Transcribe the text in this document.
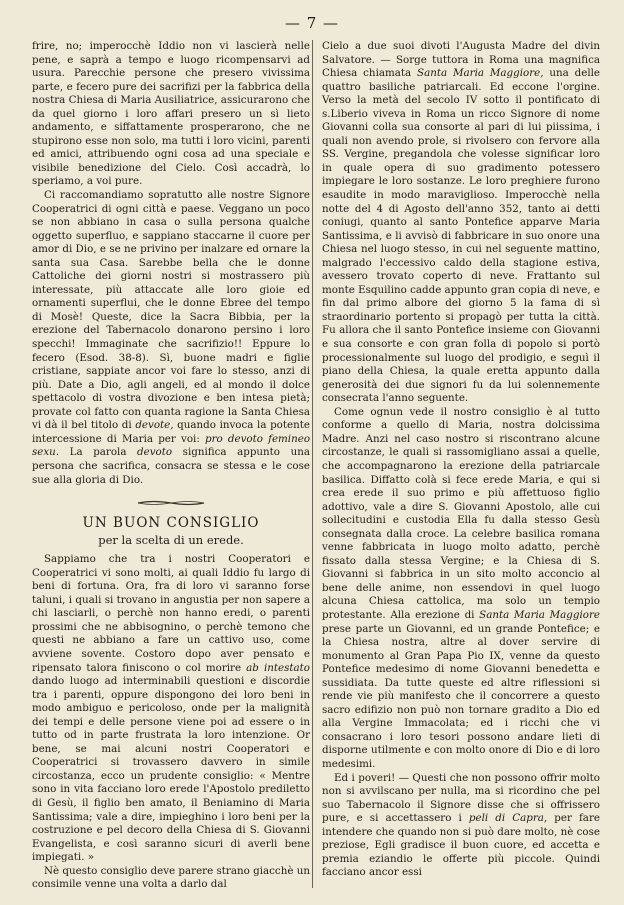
— 7 —

frire, no; imperocchè Iddio non vi lascierà nelle pene, e saprà a tempo e luogo ricompensarvi ad usura. Parecchie persone che presero vivissima parte, e fecero pure dei sacrifizi per la fabbrica della nostra Chiesa di Maria Ausiliatrice, assicurarono che da quel giorno i loro affari presero un sì lieto andamento, e siffattamente prosperarono, che ne stupirono esse non solo, ma tutti i loro vicini, parenti ed amici, attribuendo ogni cosa ad una speciale e visibile benedizione del Cielo. Così accadrà, lo speriamo, a voi pure.

Ci raccomandiamo sopratutto alle nostre Signore Cooperatrici di ogni città e paese. Veggano un poco se non abbiano in casa o sulla persona qualche oggetto superfluo, e sappiano staccarne il cuore per amor di Dio, e se ne privino per inalzare ed ornare la santa sua Casa. Sarebbe bella che le donne Cattoliche dei giorni nostri si mostrassero più interessate, più attaccate alle loro gioie ed ornamenti superflui, che le donne Ebree del tempo di Mosè! Queste, dice la Sacra Bibbia, per la erezione del Tabernacolo donarono persino i loro specchi! Immaginate che sacrifizio!! Eppure lo fecero (Esod. 38-8). Sì, buone madri e figlie cristiane, sappiate ancor voi fare lo stesso, anzi di più. Date a Dio, agli angeli, ed al mondo il dolce spettacolo di vostra divozione e ben intesa pietà; provate col fatto con quanta ragione la Santa Chiesa vi dà il bel titolo di devote, quando invoca la potente intercessione di Maria per voi: pro devoto femineo sexu. La parola devoto significa appunto una persona che sacrifica, consacra se stessa e le cose sue alla gloria di Dio.

UN BUON CONSIGLIO
per la scelta di un erede.

Sappiamo che tra i nostri Cooperatori e Cooperatrici vi sono molti, ai quali Iddio fu largo di beni di fortuna. Ora, fra di loro vi saranno forse taluni, i quali si trovano in angustia per non sapere a chi lasciarli, o perchè non hanno eredi, o parenti prossimi che ne abbisognino, o perchè temono che questi ne abbiano a fare un cattivo uso, come avviene sovente. Costoro dopo aver pensato e ripensato talora finiscono o col morire ab intestato dando luogo ad interminabili questioni e discordie tra i parenti, oppure dispongono dei loro beni in modo ambiguo e pericoloso, onde per la malignità dei tempi e delle persone viene poi ad essere o in tutto od in parte frustrata la loro intenzione. Or bene, se mai alcuni nostri Cooperatori e Cooperatrici si trovassero davvero in simile circostanza, ecco un prudente consiglio: « Mentre sono in vita facciano loro erede l'Apostolo prediletto di Gesù, il figlio ben amato, il Beniamino di Maria Santissima; vale a dire, impieghino i loro beni per la costruzione e pel decoro della Chiesa di S. Giovanni Evangelista, e così saranno sicuri di averli bene impiegati. »

Nè questo consiglio deve parere strano giacchè un consimile venne una volta a darlo dal

Cielo a due suoi divoti l'Augusta Madre del divin Salvatore. — Sorge tuttora in Roma una magnifica Chiesa chiamata Santa Maria Maggiore, una delle quattro basiliche patriarcali. Ed eccone l'orgine. Verso la metà del secolo IV sotto il pontificato di s.Liberio viveva in Roma un ricco Signore di nome Giovanni colla sua consorte al pari di lui piissima, i quali non avendo prole, si rivolsero con fervore alla SS. Vergine, pregandola che volesse significar loro in quale opera di suo gradimento potessero impiegare le loro sostanze. Le loro preghiere furono esaudite in modo maraviglioso. Imperocchè nella notte del 4 di Agosto dell'anno 352, tanto ai detti coniugi, quanto al santo Pontefice apparve Maria Santissima, e li avvisò di fabbricare in suo onore una Chiesa nel luogo stesso, in cui nel seguente mattino, malgrado l'eccessivo caldo della stagione estiva, avessero trovato coperto di neve. Frattanto sul monte Esquilino cadde appunto gran copia di neve, e fin dal primo albore del giorno 5 la fama di sì straordinario portento si propagò per tutta la città. Fu allora che il santo Pontefice insieme con Giovanni e sua consorte e con gran folla di popolo si portò processionalmente sul luogo del prodigio, e seguì il piano della Chiesa, la quale eretta appunto dalla generosità dei due signori fu da lui solennemente consecrata l'anno seguente.

Come ognun vede il nostro consiglio è al tutto conforme a quello di Maria, nostra dolcissima Madre. Anzi nel caso nostro si riscontrano alcune circostanze, le quali si rassomigliano assai a quelle, che accompagnarono la erezione della patriarcale basilica. Diffatto colà si fece erede Maria, e qui si crea erede il suo primo e più affettuoso figlio adottivo, vale a dire S. Giovanni Apostolo, alle cui sollecitudini e custodia Ella fu dalla stesso Gesù consegnata dalla croce. La celebre basilica romana venne fabbricata in luogo molto adatto, perchè fissato dalla stessa Vergine; e la Chiesa di S. Giovanni si fabbrica in un sito molto acconcio al bene delle anime, non essendovi in quel luogo alcuna Chiesa cattolica, ma solo un tempio protestante. Alla erezione di Santa Maria Maggiore prese parte un Giovanni, ed un grande Pontefice; e la Chiesa nostra, altre al dover servire di monumento al Gran Papa Pio IX, venne da questo Pontefice medesimo di nome Giovanni benedetta e sussidiata. Da tutte queste ed altre riflessioni si rende vie più manifesto che il concorrere a questo sacro edifizio non può non tornare gradito a Dio ed alla Vergine Immacolata; ed i ricchi che vi consacrano i loro tesori possono andare lieti di disporne utilmente e con molto onore di Dio e di loro medesimi.

Ed i poveri! — Questi che non possono offrir molto non si avvilscano per nulla, ma si ricordino che pel suo Tabernacolo il Signore disse che si offrissero pure, e si accettassero i peli di Capra, per fare intendere che quando non si può dare molto, nè cose preziose, Egli gradisce il buon cuore, ed accetta e premia eziandio le offerte più piccole. Quindi facciano ancor essi
